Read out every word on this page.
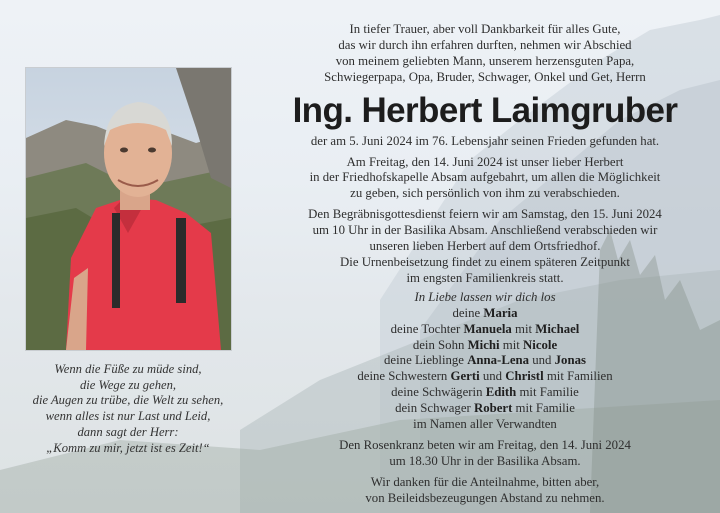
Wenn die Füße zu müde sind,
die Wege zu gehen,
die Augen zu trübe, die Welt zu sehen,
wenn alles ist nur Last und Leid,
dann sagt der Herr:
„Komm zu mir, jetzt ist es Zeit!“
In tiefer Trauer, aber voll Dankbarkeit für alles Gute,
das wir durch ihn erfahren durften, nehmen wir Abschied
von meinem geliebten Mann, unserem herzensguten Papa,
Schwiegerpapa, Opa, Bruder, Schwager, Onkel und Get, Herrn
Ing. Herbert Laimgruber
der am 5. Juni 2024 im 76. Lebensjahr seinen Frieden gefunden hat.
Am Freitag, den 14. Juni 2024 ist unser lieber Herbert
in der Friedhofskapelle Absam aufgebahrt, um allen die Möglichkeit
zu geben, sich persönlich von ihm zu verabschieden.
Den Begräbnisgottesdienst feiern wir am Samstag, den 15. Juni 2024
um 10 Uhr in der Basilika Absam. Anschließend verabschieden wir
unseren lieben Herbert auf dem Ortsfriedhof.
Die Urnenbeisetzung findet zu einem späteren Zeitpunkt
im engsten Familienkreis statt.
In Liebe lassen wir dich los
deine Maria
deine Tochter Manuela mit Michael
dein Sohn Michi mit Nicole
deine Lieblinge Anna-Lena und Jonas
deine Schwestern Gerti und Christl mit Familien
deine Schwägerin Edith mit Familie
dein Schwager Robert mit Familie
im Namen aller Verwandten
Den Rosenkranz beten wir am Freitag, den 14. Juni 2024
um 18.30 Uhr in der Basilika Absam.
Wir danken für die Anteilnahme, bitten aber,
von Beileidsbezeugungen Abstand zu nehmen.
